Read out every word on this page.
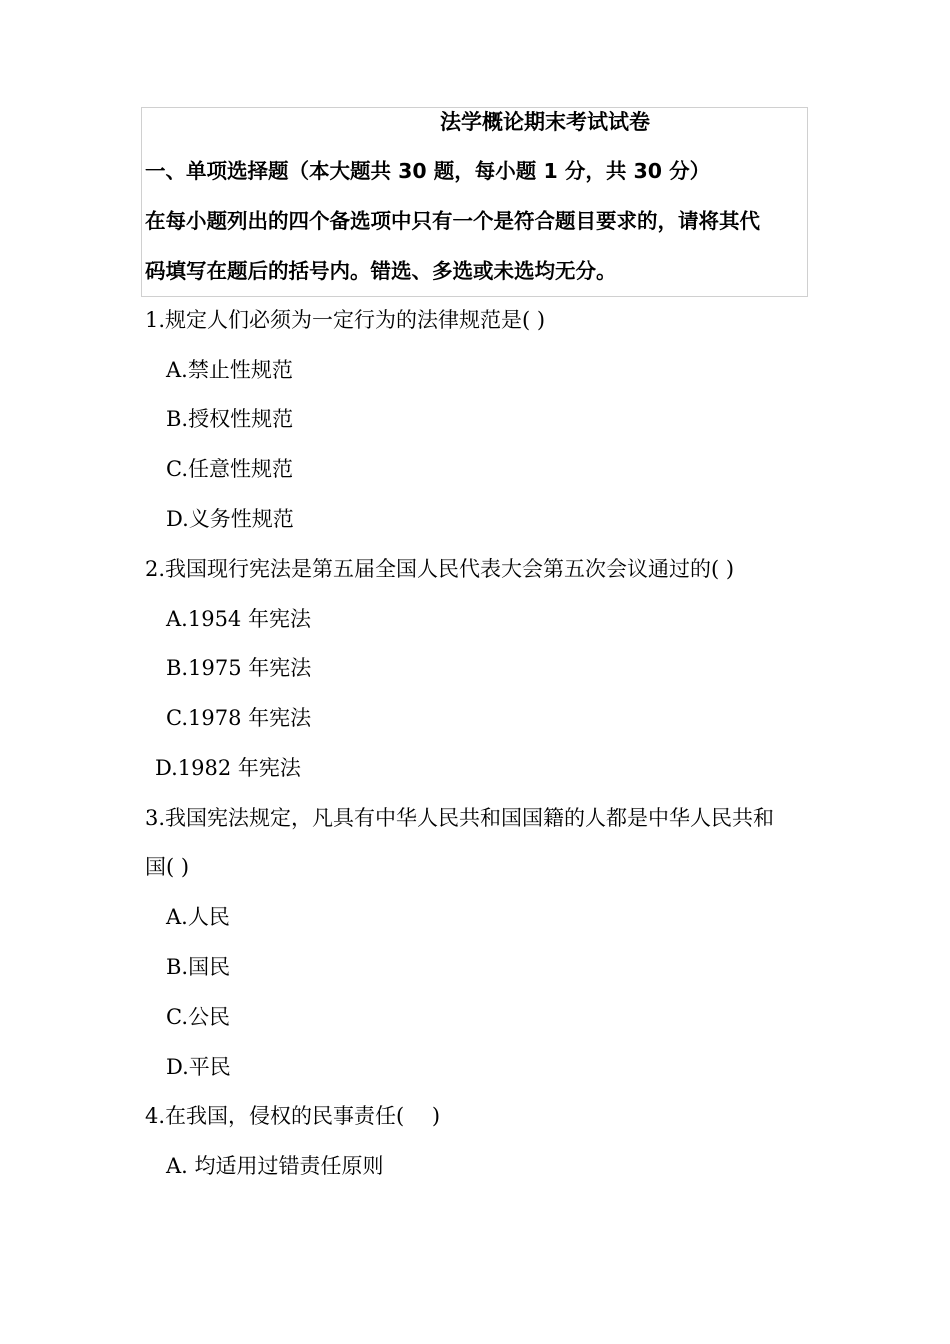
法学概论期末考试试卷
一、单项选择题（本大题共 30 题，每小题 1 分，共 30 分）
在每小题列出的四个备选项中只有一个是符合题目要求的，请将其代
码填写在题后的括号内。错选、多选或未选均无分。
1.规定人们必须为一定行为的法律规范是( )
A.禁止性规范
B.授权性规范
C.任意性规范
D.义务性规范
2.我国现行宪法是第五届全国人民代表大会第五次会议通过的( )
A.1954 年宪法
B.1975 年宪法
C.1978 年宪法
D.1982 年宪法
3.我国宪法规定，凡具有中华人民共和国国籍的人都是中华人民共和
国( )
A.人民
B.国民
C.公民
D.平民
4.在我国，侵权的民事责任(　 )
A. 均适用过错责任原则
